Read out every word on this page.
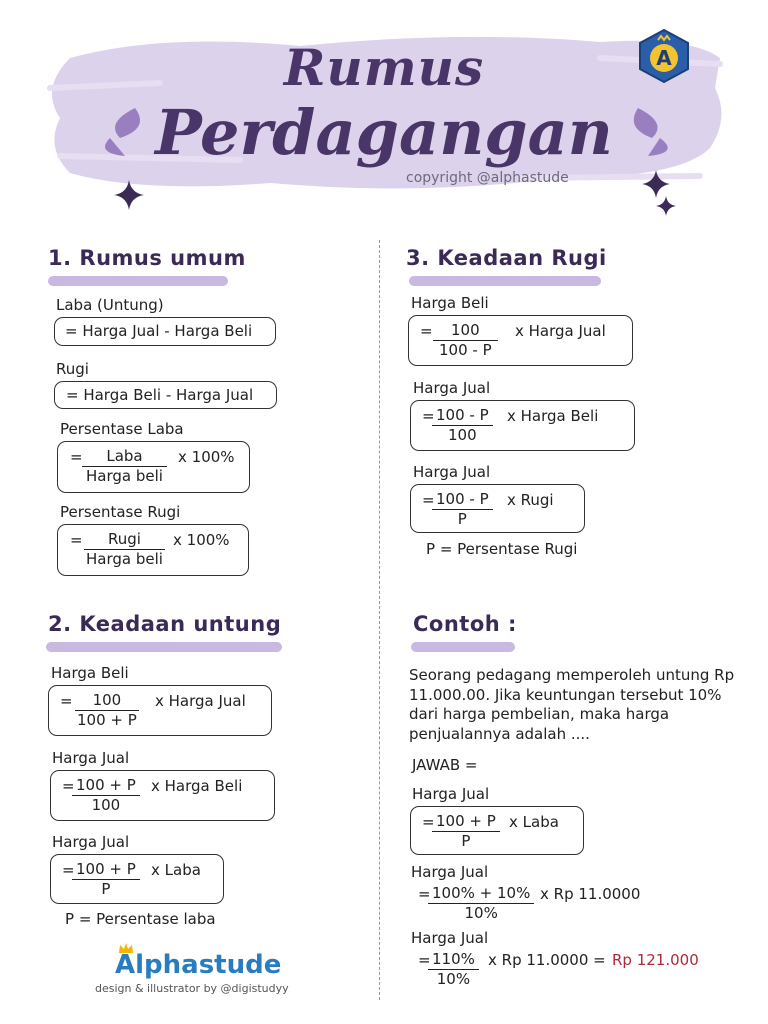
Rumus
Perdagangan
copyright @alphastude
A
1. Rumus umum
Laba (Untung)
= Harga Jual - Harga Beli
Rugi
= Harga Beli - Harga Jual
Persentase Laba
=	Laba
Harga beli
x 100%
Persentase Rugi
=	Rugi
Harga beli
x 100%
2. Keadaan untung
Harga Beli
= $\frac{100}{100 + P}$ x Harga Jual
Harga Jual
=
$\frac{100 + P}{100}$ x Harga Beli
Harga Jual
=
$\frac{100 + P}{P}$ x Laba
P = Persentase laba
3. Keadaan Rugi
Harga Beli
= $\frac{100}{100 - P}$ x Harga Jual
Harga Jual
=
$\frac{100 - P}{100}$ x Harga Beli
Harga Jual
=
$\frac{100 - P}{P}$ x Rugi
P = Persentase Rugi
Contoh :
Seorang pedagang memperoleh untung Rp 11.000.00. Jika keuntungan tersebut 10% dari harga pembelian, maka harga penjualannya adalah ....
JAWAB =
Harga Jual
=
$\frac{100 + P}{P}$ x Laba
Harga Jual
=
$\frac{100\% + 10\%}{10\%}$ x Rp 11.0000
Harga Jual
=
$\frac{110\%}{10\%}$ x Rp 11.0000 = Rp 121.000
Alphastude
design & illustrator by @digistudyy
